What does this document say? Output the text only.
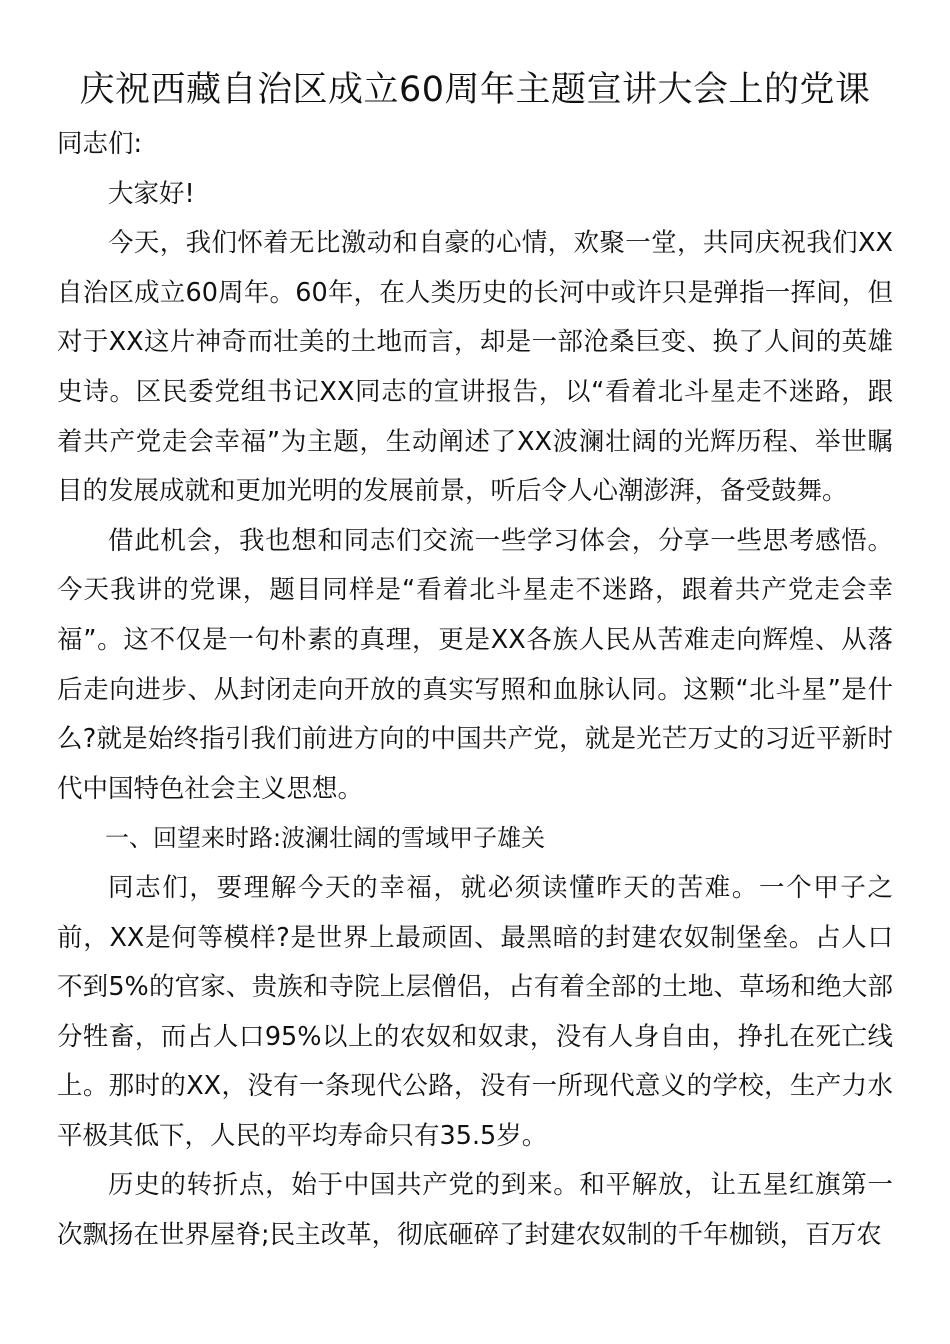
庆祝西藏自治区成立60周年主题宣讲大会上的党课

同志们:

大家好!

今天，我们怀着无比激动和自豪的心情，欢聚一堂，共同庆祝我们XX自治区成立60周年。60年，在人类历史的长河中或许只是弹指一挥间，但对于XX这片神奇而壮美的土地而言，却是一部沧桑巨变、换了人间的英雄史诗。区民委党组书记XX同志的宣讲报告，以“看着北斗星走不迷路，跟着共产党走会幸福”为主题，生动阐述了XX波澜壮阔的光辉历程、举世瞩目的发展成就和更加光明的发展前景，听后令人心潮澎湃，备受鼓舞。

借此机会，我也想和同志们交流一些学习体会，分享一些思考感悟。今天我讲的党课，题目同样是“看着北斗星走不迷路，跟着共产党走会幸福”。这不仅是一句朴素的真理，更是XX各族人民从苦难走向辉煌、从落后走向进步、从封闭走向开放的真实写照和血脉认同。这颗“北斗星”是什么?就是始终指引我们前进方向的中国共产党，就是光芒万丈的习近平新时代中国特色社会主义思想。

一、回望来时路:波澜壮阔的雪域甲子雄关

同志们，要理解今天的幸福，就必须读懂昨天的苦难。一个甲子之前，XX是何等模样?是世界上最顽固、最黑暗的封建农奴制堡垒。占人口不到5%的官家、贵族和寺院上层僧侣，占有着全部的土地、草场和绝大部分牲畜，而占人口95%以上的农奴和奴隶，没有人身自由，挣扎在死亡线上。那时的XX，没有一条现代公路，没有一所现代意义的学校，生产力水平极其低下，人民的平均寿命只有35.5岁。

历史的转折点，始于中国共产党的到来。和平解放，让五星红旗第一次飘扬在世界屋脊;民主改革，彻底砸碎了封建农奴制的千年枷锁，百万农
